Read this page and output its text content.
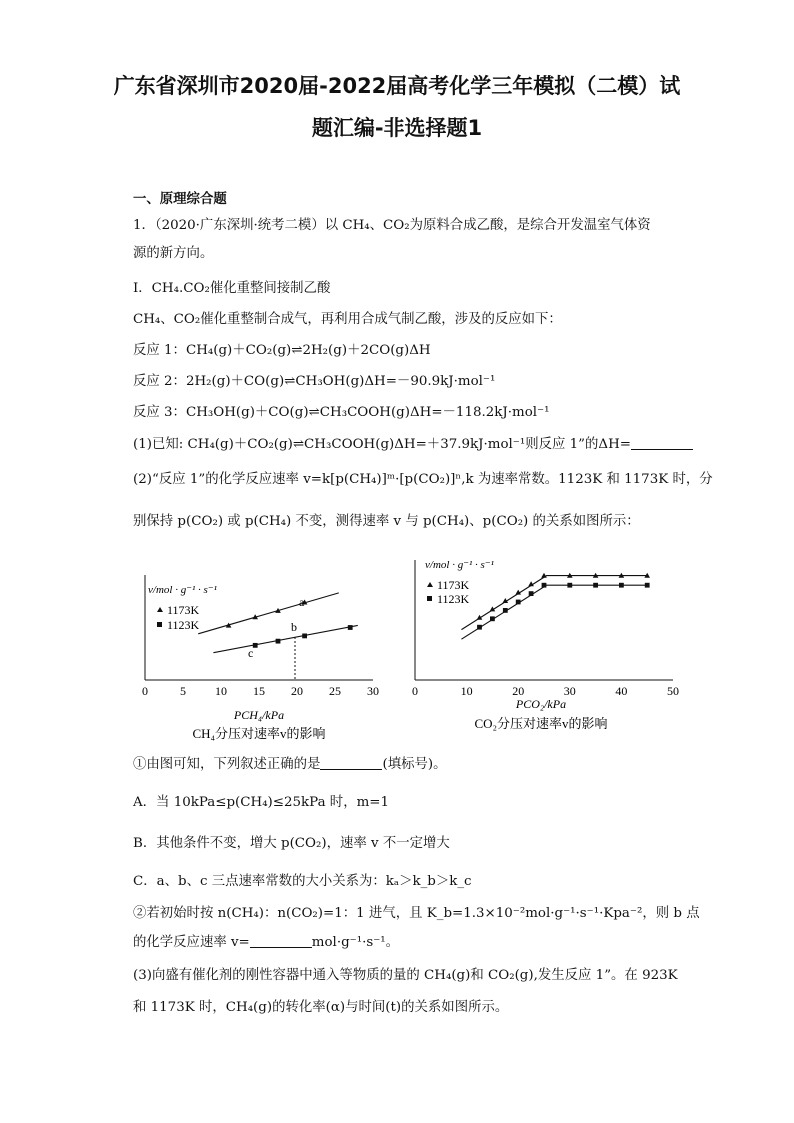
广东省深圳市2020届-2022届高考化学三年模拟（二模）试
题汇编-非选择题1
一、原理综合题
1．（2020·广东深圳·统考二模）以 CH₄、CO₂为原料合成乙酸，是综合开发温室气体资
源的新方向。
I．CH₄.CO₂催化重整间接制乙酸
CH₄、CO₂催化重整制合成气，再利用合成气制乙酸，涉及的反应如下：
反应 1：CH₄(g)＋CO₂(g)⇌2H₂(g)＋2CO(g)ΔH
反应 2：2H₂(g)＋CO(g)⇌CH₃OH(g)ΔH=－90.9kJ·mol⁻¹
反应 3：CH₃OH(g)＋CO(g)⇌CH₃COOH(g)ΔH=－118.2kJ·mol⁻¹
(1)已知: CH₄(g)＋CO₂(g)⇌CH₃COOH(g)ΔH=＋37.9kJ·mol⁻¹则反应 1”的ΔH=
(2)“反应 1”的化学反应速率 v=k[p(CH₄)]ᵐ·[p(CO₂)]ⁿ,k 为速率常数。1123K 和 1173K 时，分
别保持 p(CO₂) 或 p(CH₄) 不变，测得速率 v 与 p(CH₄)、p(CO₂) 的关系如图所示：
v/mol · g⁻¹ · s⁻¹
0	5 10 15 20 25 30
1173K
1123K
a
b
c
PCH₄/kPa
CH₄分压对速率v的影响
v/mol · g⁻¹ · s⁻¹
0	10	20	30	40	50
1173K
1123K
PCO₂/kPa
CO₂分压对速率v的影响
①由图可知，下列叙述正确的是	(填标号)。
A．当 10kPa≤p(CH₄)≤25kPa 时，m=1
B．其他条件不变，增大 p(CO₂)，速率 v 不一定增大
C．a、b、c 三点速率常数的大小关系为：kₐ＞k_b＞k_c
②若初始时按 n(CH₄)：n(CO₂)=1：1 进气，且 K_b=1.3×10⁻²mol·g⁻¹·s⁻¹·Kpa⁻²，则 b 点
的化学反应速率 v=	mol·g⁻¹·s⁻¹。
(3)向盛有催化剂的刚性容器中通入等物质的量的 CH₄(g)和 CO₂(g),发生反应 1”。在 923K
和 1173K 时，CH₄(g)的转化率(α)与时间(t)的关系如图所示。
